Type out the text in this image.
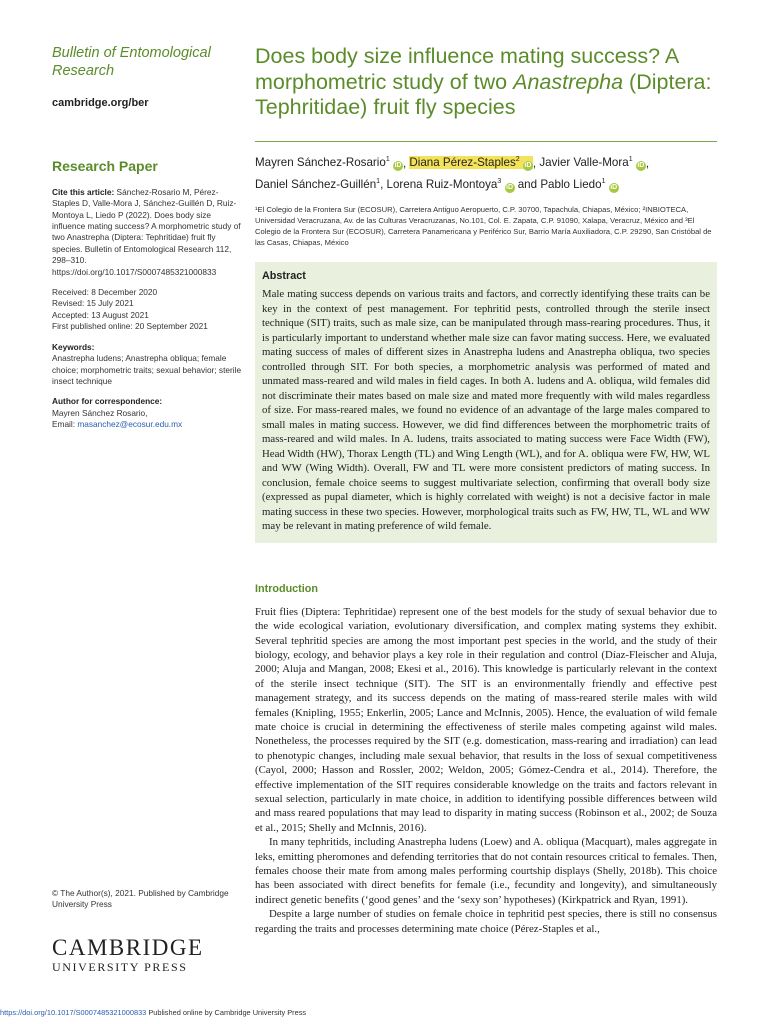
Bulletin of Entomological Research
cambridge.org/ber
Research Paper
Cite this article: Sánchez-Rosario M, Pérez-Staples D, Valle-Mora J, Sánchez-Guillén D, Ruiz-Montoya L, Liedo P (2022). Does body size influence mating success? A morphometric study of two Anastrepha (Diptera: Tephritidae) fruit fly species. Bulletin of Entomological Research 112, 298–310. https://doi.org/10.1017/S0007485321000833
Received: 8 December 2020
Revised: 15 July 2021
Accepted: 13 August 2021
First published online: 20 September 2021
Keywords:
Anastrepha ludens; Anastrepha obliqua; female choice; morphometric traits; sexual behavior; sterile insect technique
Author for correspondence:
Mayren Sánchez Rosario,
Email: masanchez@ecosur.edu.mx
© The Author(s), 2021. Published by Cambridge University Press
CAMBRIDGE
UNIVERSITY PRESS
Does body size influence mating success? A morphometric study of two Anastrepha (Diptera: Tephritidae) fruit fly species
Mayren Sánchez-Rosario$^1$ iD , Diana Pérez-Staples$^2$ iD , Javier Valle-Mora$^1$ iD ,
Daniel Sánchez-Guillén$^1$, Lorena Ruiz-Montoya$^3$ iD and Pablo Liedo$^1$ iD
¹El Colegio de la Frontera Sur (ECOSUR), Carretera Antiguo Aeropuerto, C.P. 30700, Tapachula, Chiapas, México; ²INBIOTECA, Universidad Veracruzana, Av. de las Culturas Veracruzanas, No.101, Col. E. Zapata, C.P. 91090, Xalapa, Veracruz, México and ³El Colegio de la Frontera Sur (ECOSUR), Carretera Panamericana y Periférico Sur, Barrio María Auxiliadora, C.P. 29290, San Cristóbal de las Casas, Chiapas, México
Abstract
Male mating success depends on various traits and factors, and correctly identifying these traits can be key in the context of pest management. For tephritid pests, controlled through the sterile insect technique (SIT) traits, such as male size, can be manipulated through mass-rearing procedures. Thus, it is particularly important to understand whether male size can favor mating success. Here, we evaluated mating success of males of different sizes in Anastrepha ludens and Anastrepha obliqua, two species controlled through SIT. For both species, a morphometric analysis was performed of mated and unmated mass-reared and wild males in field cages. In both A. ludens and A. obliqua, wild females did not discriminate their mates based on male size and mated more frequently with wild males regardless of size. For mass-reared males, we found no evidence of an advantage of the large males compared to small males in mating success. However, we did find differences between the morphometric traits of mass-reared and wild males. In A. ludens, traits associated to mating success were Face Width (FW), Head Width (HW), Thorax Length (TL) and Wing Length (WL), and for A. obliqua were FW, HW, WL and WW (Wing Width). Overall, FW and TL were more consistent predictors of mating success. In conclusion, female choice seems to suggest multivariate selection, confirming that overall body size (expressed as pupal diameter, which is highly correlated with weight) is not a decisive factor in male mating success in these two species. However, morphological traits such as FW, HW, TL, WL and WW may be relevant in mating preference of wild female.
Introduction

Fruit flies (Diptera: Tephritidae) represent one of the best models for the study of sexual behavior due to the wide ecological variation, evolutionary diversification, and complex mating systems they exhibit. Several tephritid species are among the most important pest species in the world, and the study of their biology, ecology, and behavior plays a key role in their regulation and control (Díaz-Fleischer and Aluja, 2000; Aluja and Mangan, 2008; Ekesi et al., 2016). This knowledge is particularly relevant in the context of the sterile insect technique (SIT). The SIT is an environmentally friendly and effective pest management strategy, and its success depends on the mating of mass-reared sterile males with wild females (Knipling, 1955; Enkerlin, 2005; Lance and McInnis, 2005). Hence, the evaluation of wild female mate choice is crucial in determining the effectiveness of sterile males competing against wild males. Nonetheless, the processes required by the SIT (e.g. domestication, mass-rearing and irradiation) can lead to phenotypic changes, including male sexual behavior, that results in the loss of sexual competitiveness (Cayol, 2000; Hasson and Rossler, 2002; Weldon, 2005; Gómez-Cendra et al., 2014). Therefore, the effective implementation of the SIT requires considerable knowledge on the traits and factors relevant in sexual selection, particularly in mate choice, in addition to identifying possible differences between wild and mass reared populations that may lead to disparity in mating success (Robinson et al., 2002; de Souza et al., 2015; Shelly and McInnis, 2016).

In many tephritids, including Anastrepha ludens (Loew) and A. obliqua (Macquart), males aggregate in leks, emitting pheromones and defending territories that do not contain resources critical to females. Then, females choose their mate from among males performing courtship displays (Shelly, 2018b). This choice has been associated with direct benefits for female (i.e., fecundity and longevity), and simultaneously indirect genetic benefits (‘good genes’ and the ‘sexy son’ hypotheses) (Kirkpatrick and Ryan, 1991).

Despite a large number of studies on female choice in tephritid pest species, there is still no consensus regarding the traits and processes determining mate choice (Pérez-Staples et al.,

https://doi.org/10.1017/S0007485321000833 Published online by Cambridge University Press
